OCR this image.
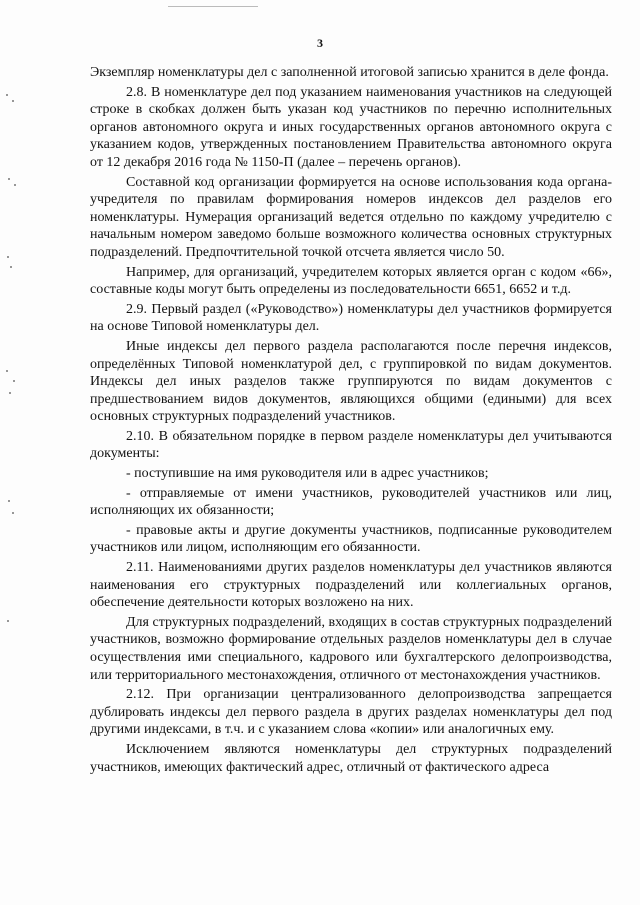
3

Экземпляр номенклатуры дел с заполненной итоговой записью хранится в деле фонда.

2.8. В номенклатуре дел под указанием наименования участников на следующей строке в скобках должен быть указан код участников по перечню исполнительных органов автономного округа и иных государственных органов автономного округа с указанием кодов, утвержденных постановлением Правительства автономного округа от 12 декабря 2016 года № 1150-П (далее – перечень органов).

Составной код организации формируется на основе использования кода органа-учредителя по правилам формирования номеров индексов дел разделов его номенклатуры. Нумерация организаций ведется отдельно по каждому учредителю с начальным номером заведомо больше возможного количества основных структурных подразделений. Предпочтительной точкой отсчета является число 50.

Например, для организаций, учредителем которых является орган с кодом «66», составные коды могут быть определены из последовательности 6651, 6652 и т.д.

2.9. Первый раздел («Руководство») номенклатуры дел участников формируется на основе Типовой номенклатуры дел.

Иные индексы дел первого раздела располагаются после перечня индексов, определённых Типовой номенклатурой дел, с группировкой по видам документов. Индексы дел иных разделов также группируются по видам документов с предшествованием видов документов, являющихся общими (едиными) для всех основных структурных подразделений участников.

2.10. В обязательном порядке в первом разделе номенклатуры дел учитываются документы:

- поступившие на имя руководителя или в адрес участников;

- отправляемые от имени участников, руководителей участников или лиц, исполняющих их обязанности;

- правовые акты и другие документы участников, подписанные руководителем участников или лицом, исполняющим его обязанности.

2.11. Наименованиями других разделов номенклатуры дел участников являются наименования его структурных подразделений или коллегиальных органов, обеспечение деятельности которых возложено на них.

Для структурных подразделений, входящих в состав структурных подразделений участников, возможно формирование отдельных разделов номенклатуры дел в случае осуществления ими специального, кадрового или бухгалтерского делопроизводства, или территориального местонахождения, отличного от местонахождения участников.

2.12. При организации централизованного делопроизводства запрещается дублировать индексы дел первого раздела в других разделах номенклатуры дел под другими индексами, в т.ч. и с указанием слова «копии» или аналогичных ему.

Исключением являются номенклатуры дел структурных подразделений участников, имеющих фактический адрес, отличный от фактического адреса
